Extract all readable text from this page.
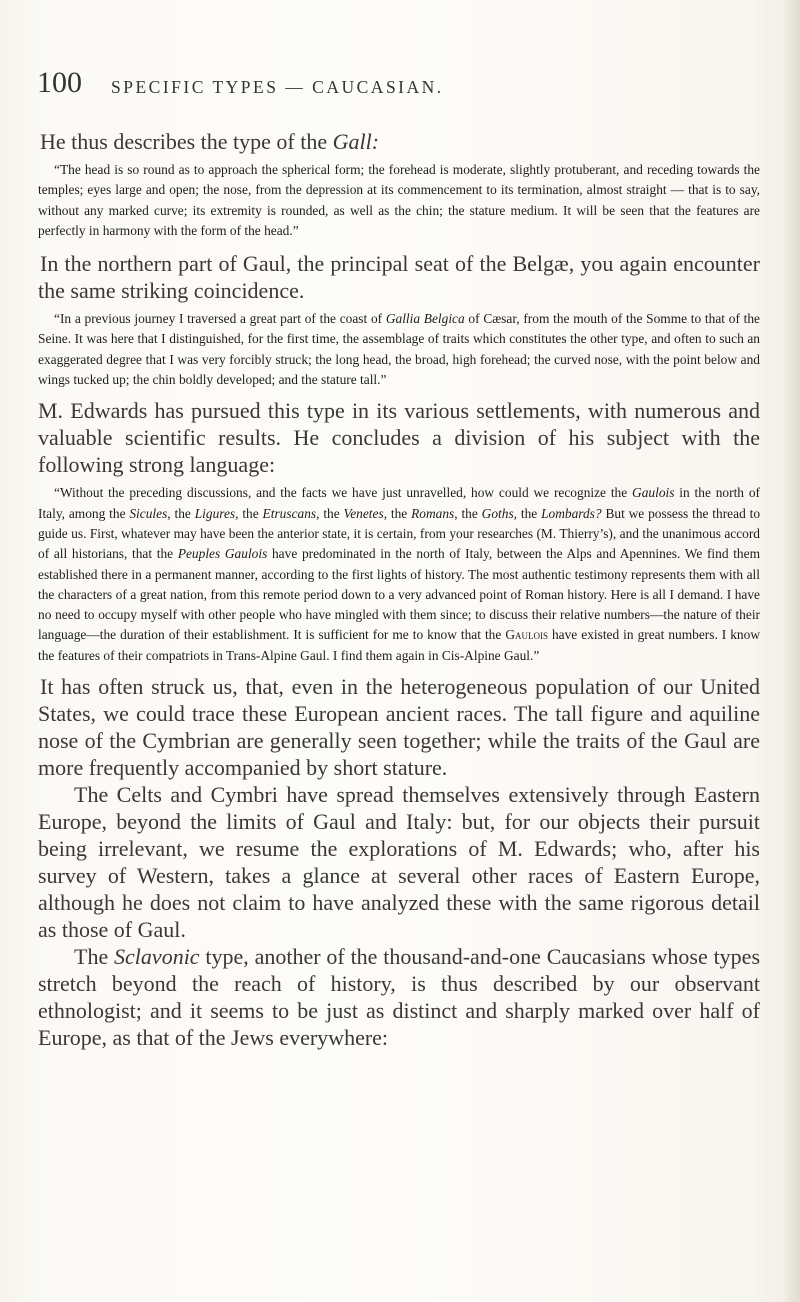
100 SPECIFIC TYPES — CAUCASIAN.

He thus describes the type of the Gall:

“The head is so round as to approach the spherical form; the forehead is moderate, slightly protuberant, and receding towards the temples; eyes large and open; the nose, from the depression at its commencement to its termination, almost straight — that is to say, without any marked curve; its extremity is rounded, as well as the chin; the stature medium. It will be seen that the features are perfectly in harmony with the form of the head.”

In the northern part of Gaul, the principal seat of the Belgæ, you again encounter the same striking coincidence.

“In a previous journey I traversed a great part of the coast of Gallia Belgica of Cæsar, from the mouth of the Somme to that of the Seine. It was here that I distinguished, for the first time, the assemblage of traits which constitutes the other type, and often to such an exaggerated degree that I was very forcibly struck; the long head, the broad, high forehead; the curved nose, with the point below and wings tucked up; the chin boldly developed; and the stature tall.”

M. Edwards has pursued this type in its various settlements, with numerous and valuable scientific results. He concludes a division of his subject with the following strong language:

“Without the preceding discussions, and the facts we have just unravelled, how could we recognize the Gaulois in the north of Italy, among the Sicules, the Ligures, the Etruscans, the Venetes, the Romans, the Goths, the Lombards? But we possess the thread to guide us. First, whatever may have been the anterior state, it is certain, from your researches (M. Thierry’s), and the unanimous accord of all historians, that the Peuples Gaulois have predominated in the north of Italy, between the Alps and Apennines. We find them established there in a permanent manner, according to the first lights of history. The most authentic testimony represents them with all the characters of a great nation, from this remote period down to a very advanced point of Roman history. Here is all I demand. I have no need to occupy myself with other people who have mingled with them since; to discuss their relative numbers—the nature of their language—the duration of their establishment. It is sufficient for me to know that the Gaulois have existed in great numbers. I know the features of their compatriots in Trans-Alpine Gaul. I find them again in Cis-Alpine Gaul.”

It has often struck us, that, even in the heterogeneous population of our United States, we could trace these European ancient races. The tall figure and aquiline nose of the Cymbrian are generally seen together; while the traits of the Gaul are more frequently accompanied by short stature.

The Celts and Cymbri have spread themselves extensively through Eastern Europe, beyond the limits of Gaul and Italy: but, for our objects their pursuit being irrelevant, we resume the explorations of M. Edwards; who, after his survey of Western, takes a glance at several other races of Eastern Europe, although he does not claim to have analyzed these with the same rigorous detail as those of Gaul.

The Sclavonic type, another of the thousand-and-one Caucasians whose types stretch beyond the reach of history, is thus described by our observant ethnologist; and it seems to be just as distinct and sharply marked over half of Europe, as that of the Jews everywhere:
